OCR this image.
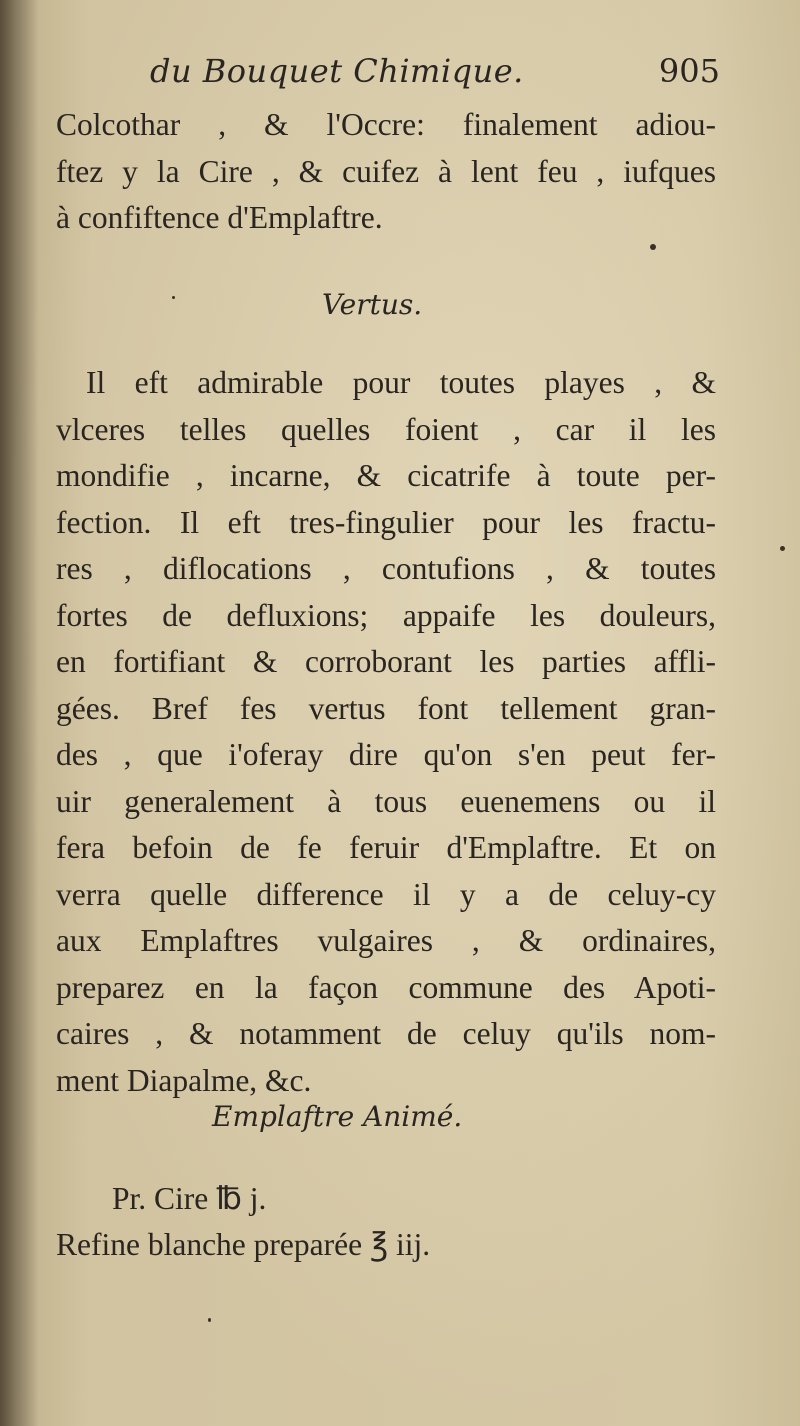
du Bouquet Chimique.	905
Colcothar , & l'Occre: finalement adiou-
ftez y la Cire , & cuifez à lent feu , iufques
à confiftence d'Emplaftre.
Vertus.
Il eft admirable pour toutes playes , &
vlceres telles quelles foient , car il les
mondifie , incarne, & cicatrife à toute per-
fection. Il eft tres-fingulier pour les fractu-
res , diflocations , contufions , & toutes
fortes de defluxions; appaife les douleurs,
en fortifiant & corroborant les parties affli-
gées. Bref fes vertus font tellement gran-
des , que i'oferay dire qu'on s'en peut fer-
uir generalement à tous euenemens ou il
fera befoin de fe feruir d'Emplaftre. Et on
verra quelle difference il y a de celuy-cy
aux Emplaftres vulgaires , & ordinaires,
preparez en la façon commune des Apoti-
caires , & notamment de celuy qu'ils nom-
ment Diapalme, &c.
Emplaftre Animé.
Pr. Cire ℔ j.
Refine blanche preparée ℥ iij.
